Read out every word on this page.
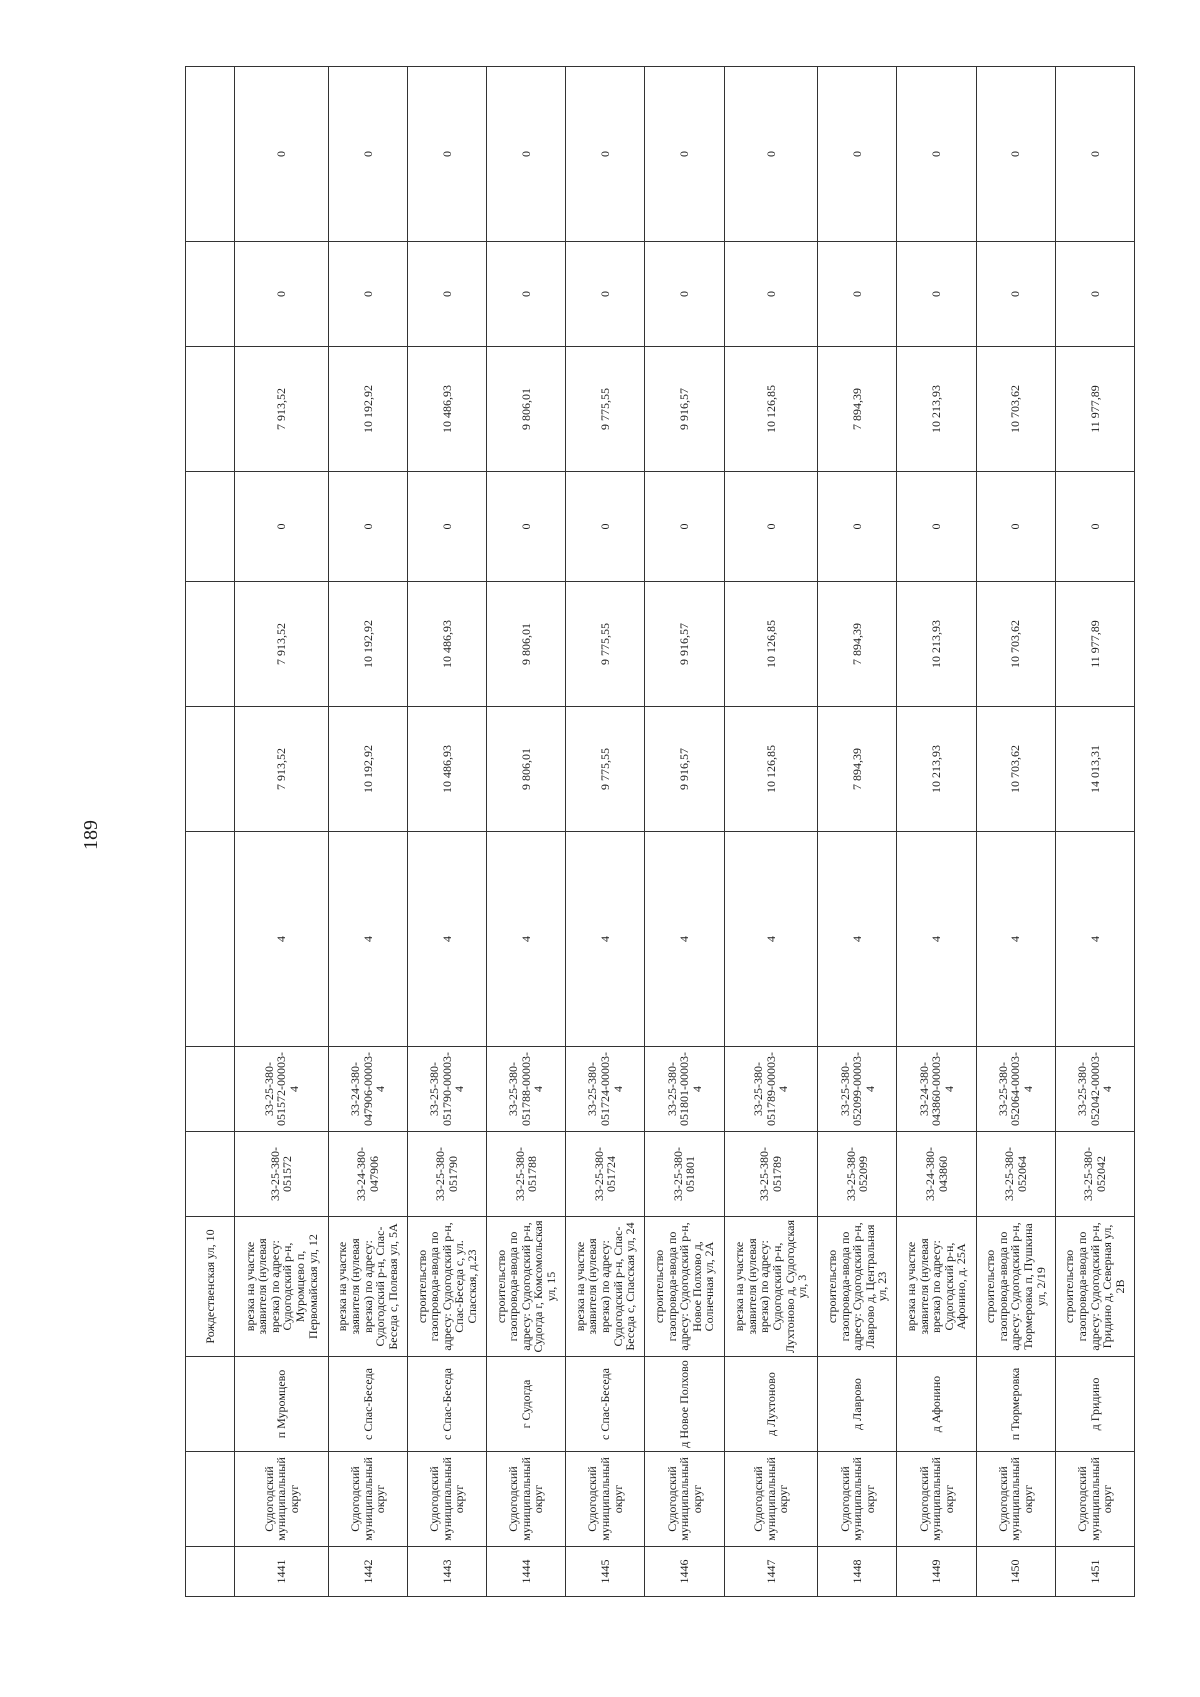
189
			Рождественская ул, 10									
1441	Судогодский муниципальный округ	п Муромцево	врезка на участке заявителя (нулевая врезка) по адресу: Судогодский р-н, Муромцево п, Первомайская ул, 12	33-25-380-051572	33-25-380-051572-00003-4	4	7 913,52	7 913,52	0	7 913,52	0	0
1442	Судогодский муниципальный округ	с Спас-Беседа	врезка на участке заявителя (нулевая врезка) по адресу: Судогодский р-н, Спас-Беседа с, Полевая ул, 5А	33-24-380-047906	33-24-380-047906-00003-4	4	10 192,92	10 192,92	0	10 192,92	0	0
1443	Судогодский муниципальный округ	с Спас-Беседа	строительство газопровода-ввода по адресу: Судогодский р-н, Спас-Беседа с, ул. Спасская, д.23	33-25-380-051790	33-25-380-051790-00003-4	4	10 486,93	10 486,93	0	10 486,93	0	0
1444	Судогодский муниципальный округ	г Судогда	строительство газопровода-ввода по адресу: Судогодский р-н, Судогда г, Комсомольская ул, 15	33-25-380-051788	33-25-380-051788-00003-4	4	9 806,01	9 806,01	0	9 806,01	0	0
1445	Судогодский муниципальный округ	с Спас-Беседа	врезка на участке заявителя (нулевая врезка) по адресу: Судогодский р-н, Спас-Беседа с, Спасская ул, 24	33-25-380-051724	33-25-380-051724-00003-4	4	9 775,55	9 775,55	0	9 775,55	0	0
1446	Судогодский муниципальный округ	д Новое Полхово	строительство газопровода-ввода по адресу: Судогодский р-н, Новое Полхово д, Солнечная ул, 2А	33-25-380-051801	33-25-380-051801-00003-4	4	9 916,57	9 916,57	0	9 916,57	0	0
1447	Судогодский муниципальный округ	д Лухтоново	врезка на участке заявителя (нулевая врезка) по адресу: Судогодский р-н, Лухтоново д, Судогодская ул, 3	33-25-380-051789	33-25-380-051789-00003-4	4	10 126,85	10 126,85	0	10 126,85	0	0
1448	Судогодский муниципальный округ	д Лаврово	строительство газопровода-ввода по адресу: Судогодский р-н, Лаврово д, Центральная ул, 23	33-25-380-052099	33-25-380-052099-00003-4	4	7 894,39	7 894,39	0	7 894,39	0	0
1449	Судогодский муниципальный округ	д Афонино	врезка на участке заявителя (нулевая врезка) по адресу: Судогодский р-н, Афонино, д. 25А	33-24-380-043860	33-24-380-043860-00003-4	4	10 213,93	10 213,93	0	10 213,93	0	0
1450	Судогодский муниципальный округ	п Тюрмеровка	строительство газопровода-ввода по адресу: Судогодский р-н, Тюрмеровка п, Пушкина ул, 2/19	33-25-380-052064	33-25-380-052064-00003-4	4	10 703,62	10 703,62	0	10 703,62	0	0
1451	Судогодский муниципальный округ	д Гридино	строительство газопровода-ввода по адресу: Судогодский р-н, Гридино д, Северная ул, 2В	33-25-380-052042	33-25-380-052042-00003-4	4	14 013,31	11 977,89	0	11 977,89	0	0
